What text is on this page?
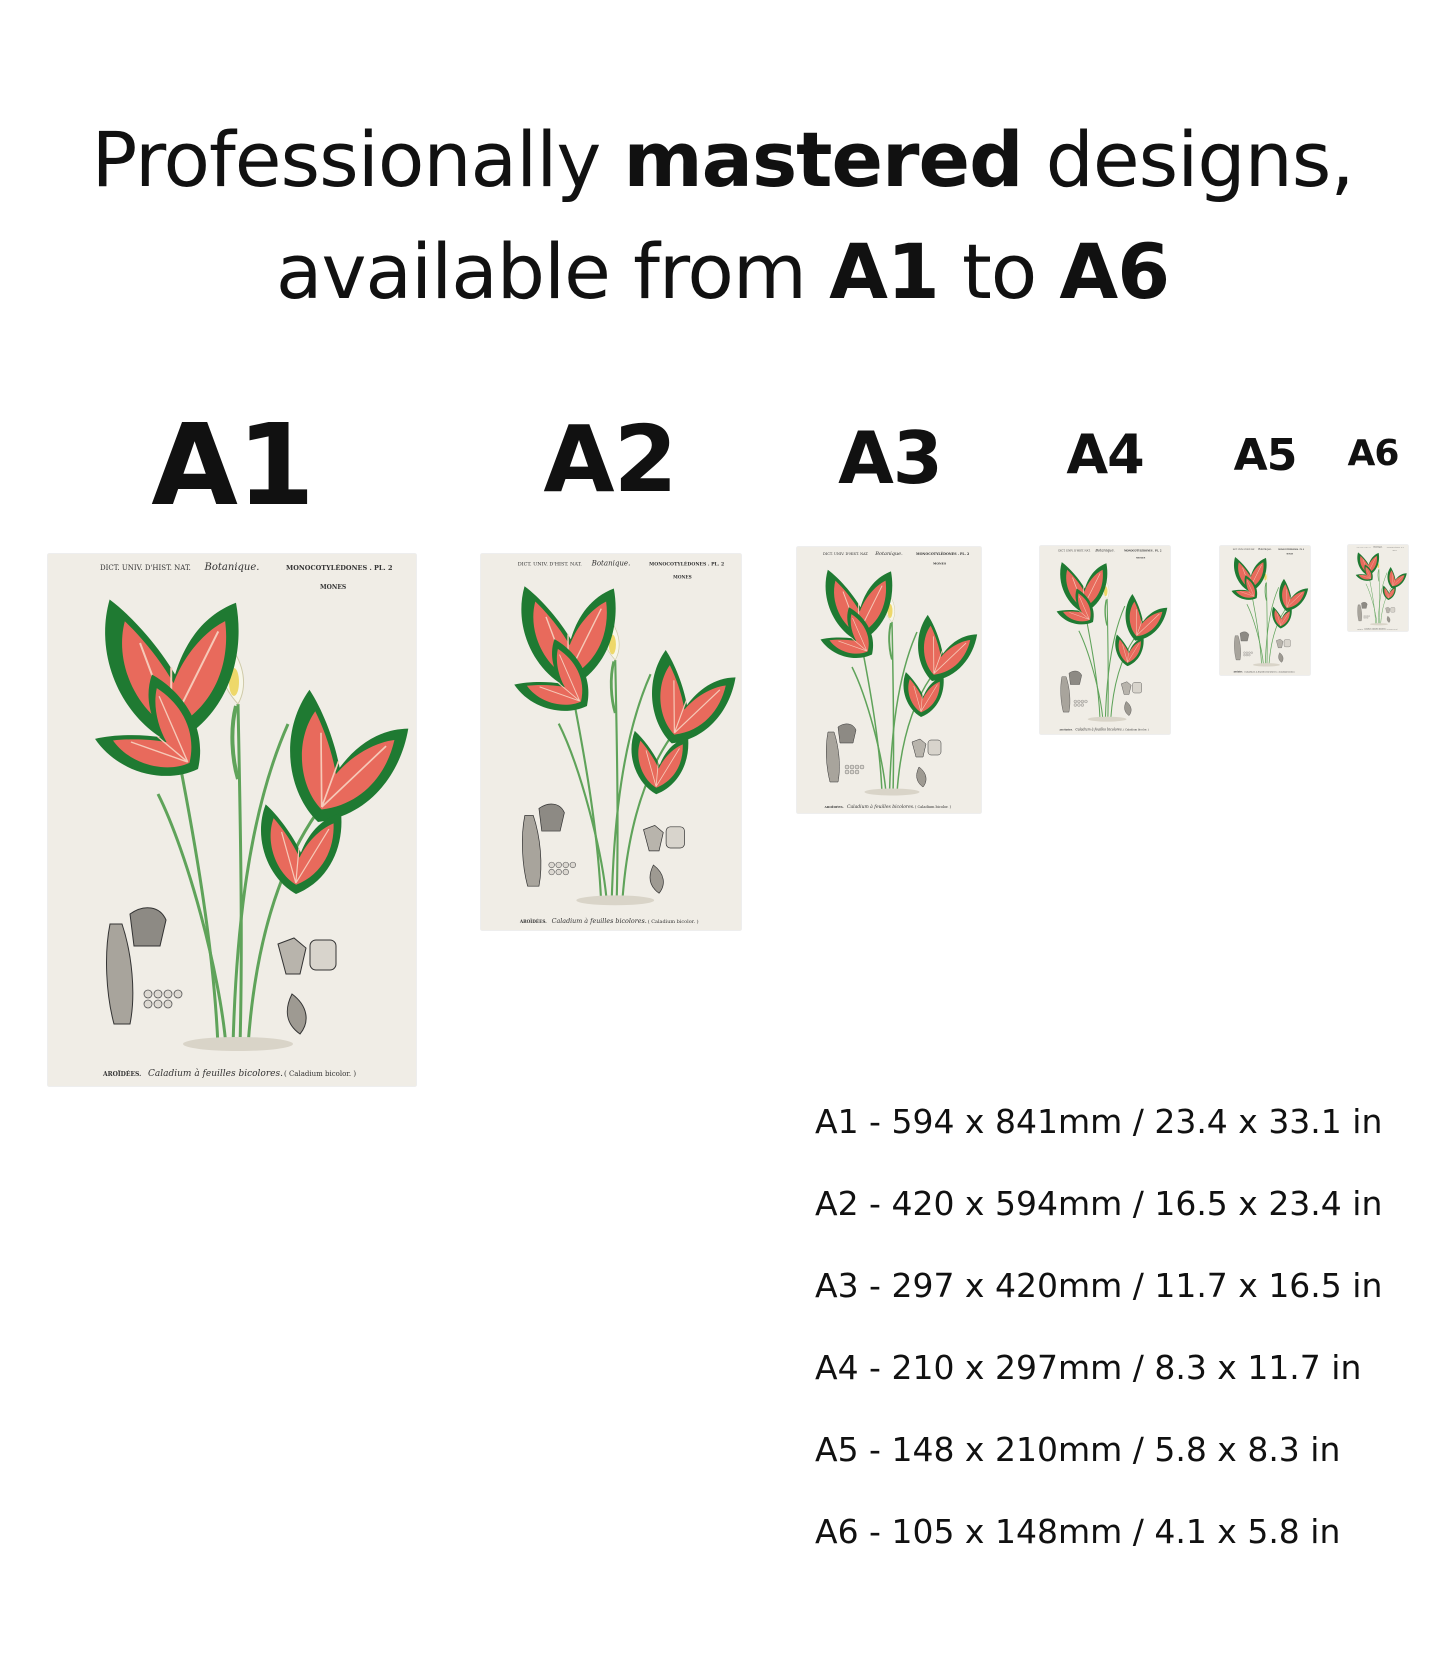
Professionally mastered designs,
available from A1 to A6
A1 A2 A3	A4	A5	A6
DICT. UNIV. D'HIST. NAT. Botanique.	MONOCOTYLÉDONES . PL. 2
MONES
AROÏDÉES. Caladium à feuilles bicolores. ( Caladium bicolor. )
DICT. UNIV. D'HIST. NAT. Botanique.	MONOCOTYLÉDONES . PL. 2
MONES
AROÏDÉES. Caladium à feuilles bicolores. ( Caladium bicolor. )
DICT. UNIV. D'HIST. NAT. Botanique. MONOCOTYLÉDONES . PL. 2
MONES
AROÏDÉES. Caladium à feuilles bicolores. ( Caladium bicolor. )
DICT. UNIV. D'HIST. NAT. Botanique. MONOCOTYLÉDONES . PL. 2
MONES
AROÏDÉES. Caladium à feuilles bicolores. ( Caladium bicolor. )
DICT. UNIV. D'HIST. NAT. Botanique. MONOCOTYLÉDONES . PL. 2
MONES
AROÏDÉES. Caladium à feuilles bicolores. ( Caladium bicolor. )
DICT. UNIV. D'HIST. NAT. Botanique. MONOCOTYLÉDONES . PL. 2
MONES
AROÏDÉES. Caladium à feuilles bicolores. ( Caladium bicolor. )
A1 - 594 x 841mm / 23.4 x 33.1 in
A2 - 420 x 594mm / 16.5 x 23.4 in
A3 - 297 x 420mm / 11.7 x 16.5 in
A4 - 210 x 297mm / 8.3 x 11.7 in
A5 - 148 x 210mm / 5.8 x 8.3 in
A6 - 105 x 148mm / 4.1 x 5.8 in
